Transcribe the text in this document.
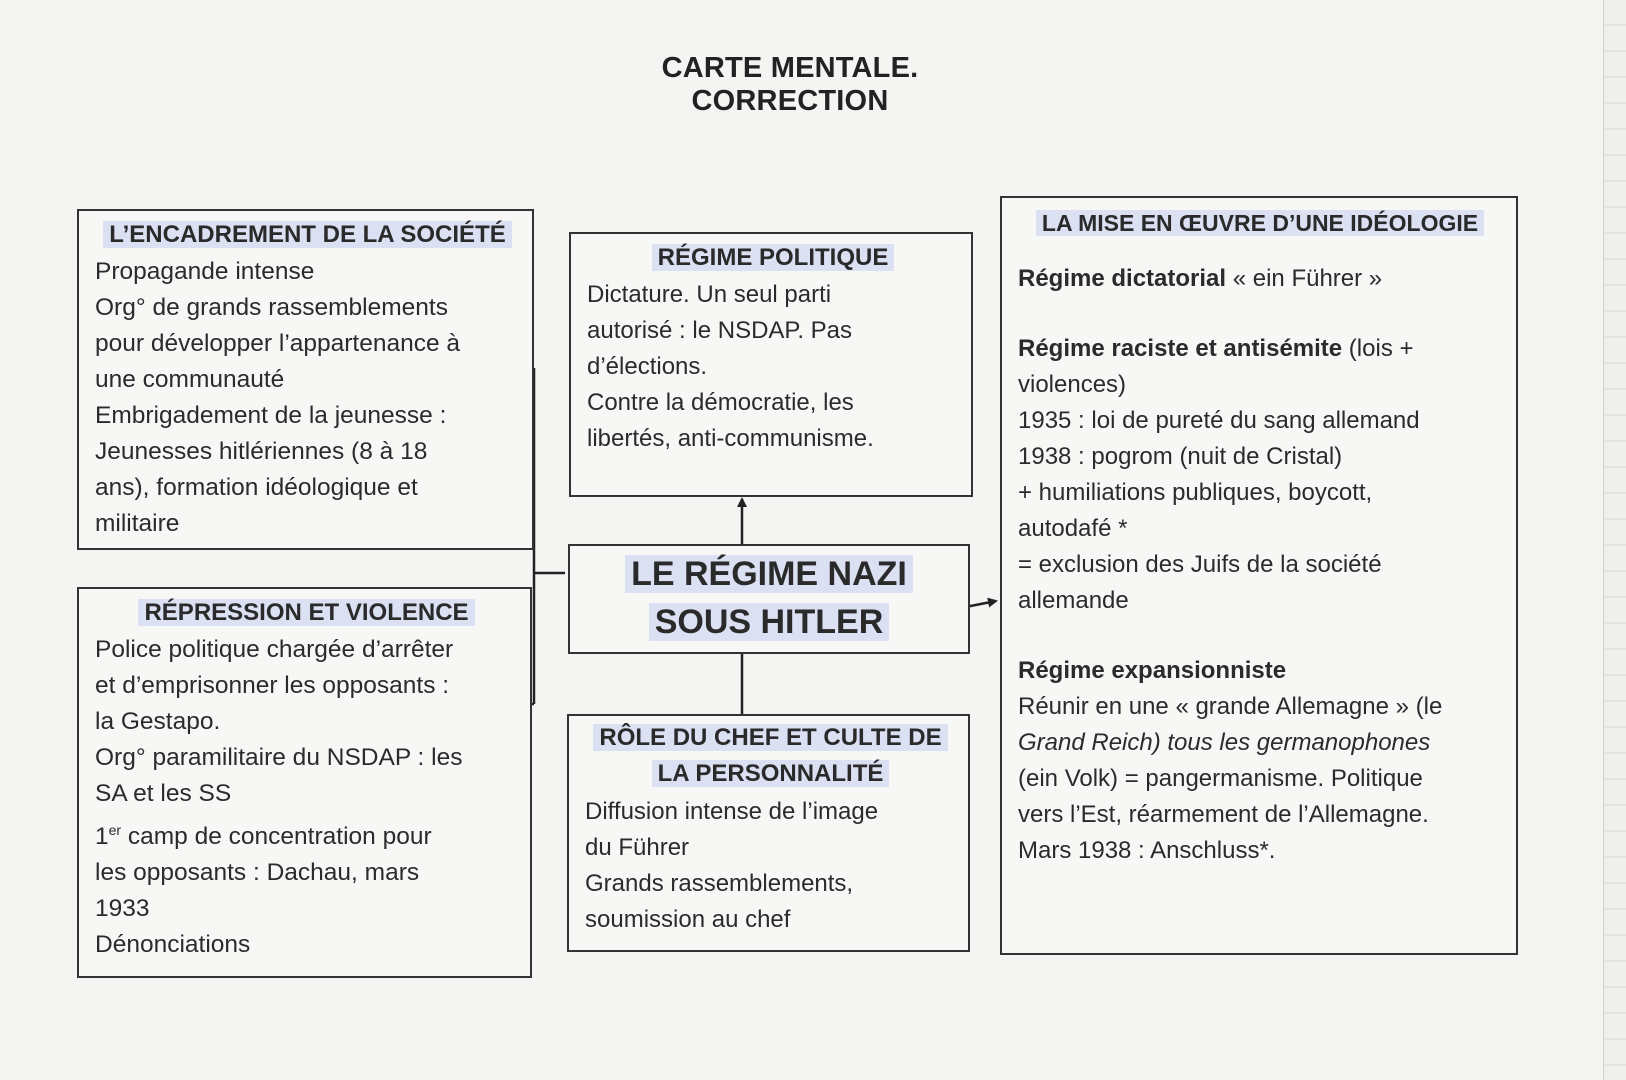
CARTE MENTALE. CORRECTION
L’ENCADREMENT DE LA SOCIÉTÉ

Propagande intense

Org° de grands rassemblements

pour développer l’appartenance à

une communauté

Embrigadement de la jeunesse :

Jeunesses hitlériennes (8 à 18

ans), formation idéologique et

militaire

RÉPRESSION ET VIOLENCE

Police politique chargée d’arrêter

et d’emprisonner les opposants :

la Gestapo.

Org° paramilitaire du NSDAP : les

SA et les SS

1er camp de concentration pour

les opposants : Dachau, mars

1933

Dénonciations

RÉGIME POLITIQUE

Dictature. Un seul parti

autorisé : le NSDAP. Pas

d’élections.

Contre la démocratie, les

libertés, anti-communisme.

LE RÉGIME NAZI
SOUS HITLER
RÔLE DU CHEF ET CULTE DE
LA PERSONNALITÉ

Diffusion intense de l’image

du Führer

Grands rassemblements,

soumission au chef

LA MISE EN ŒUVRE D’UNE IDÉOLOGIE

Régime dictatorial « ein Führer »

Régime raciste et antisémite (lois +

violences)

1935 : loi de pureté du sang allemand

1938 : pogrom (nuit de Cristal)

+ humiliations publiques, boycott,

autodafé *

= exclusion des Juifs de la société

allemande

Régime expansionniste

Réunir en une « grande Allemagne » (le

Grand Reich) tous les germanophones

(ein Volk) = pangermanisme. Politique

vers l’Est, réarmement de l’Allemagne.

Mars 1938 : Anschluss*.
